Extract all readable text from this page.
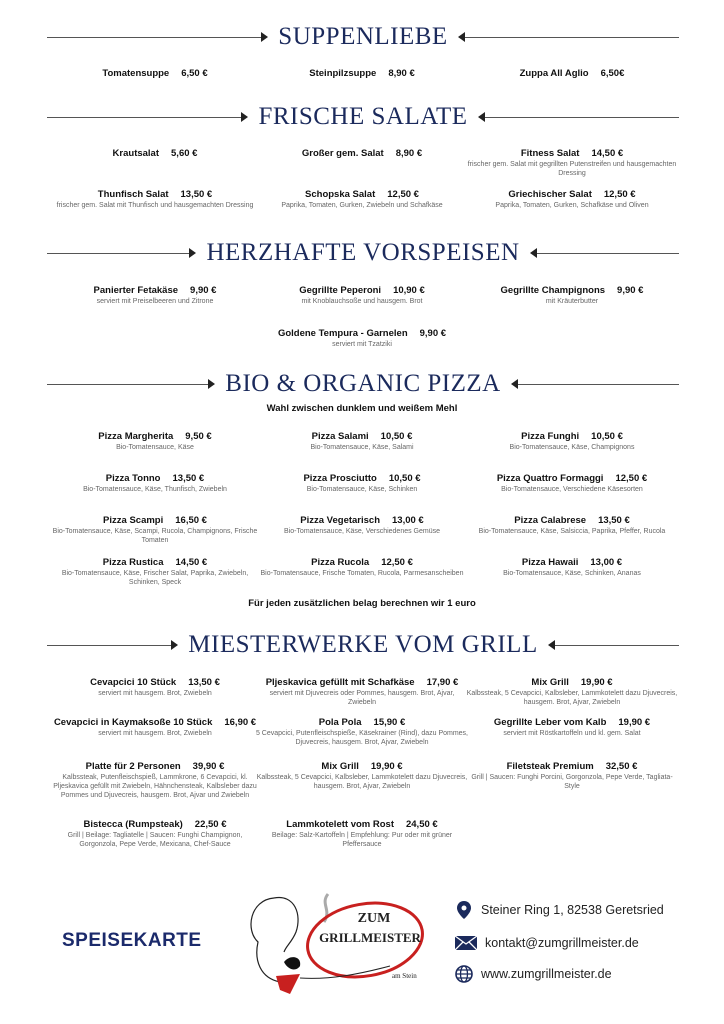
SUPPENLIEBE
Tomatensuppe 6,50 €	Steinpilzsuppe 8,90 €	Zuppa All Aglio 6,50€
FRISCHE SALATE
Krautsalat 5,60 €	Großer gem. Salat 8,90 €	Fitness Salat 14,50 €
frischer gem. Salat mit gegrillten Putenstreifen und hausgemachten Dressing
Thunfisch Salat 13,50 €
frischer gem. Salat mit Thunfisch und hausgemachten Dressing
Schopska Salat 12,50 €
Paprika, Tomaten, Gurken, Zwiebeln und Schafkäse
Griechischer Salat 12,50 €
Paprika, Tomaten, Gurken, Schafkäse und Oliven
HERZHAFTE VORSPEISEN
Panierter Fetakäse 9,90 €
serviert mit Preiselbeeren und Zitrone
Gegrillte Peperoni 10,90 €
mit Knoblauchsoße und hausgem. Brot
Gegrillte Champignons 9,90 €
mit Kräuterbutter
Goldene Tempura - Garnelen 9,90 €
serviert mit Tzatziki
BIO & ORGANIC PIZZA
Wahl zwischen dunklem und weißem Mehl
Für jeden zusätzlichen belag berechnen wir 1 euro
Pizza Margherita 9,50 €
Bio-Tomatensauce, Käse
Pizza Salami 10,50 €
Bio-Tomatensauce, Käse, Salami
Pizza Funghi 10,50 €
Bio-Tomatensauce, Käse, Champignons
Pizza Tonno 13,50 €
Bio-Tomatensauce, Käse, Thunfisch, Zwiebeln
Pizza Prosciutto 10,50 €
Bio-Tomatensauce, Käse, Schinken
Pizza Quattro Formaggi 12,50 €
Bio-Tomatensauce, Verschiedene Käsesorten
Pizza Scampi 16,50 €
Bio-Tomatensauce, Käse, Scampi, Rucola, Champignons, Frische Tomaten
Pizza Vegetarisch 13,00 €
Bio-Tomatensauce, Käse, Verschiedenes Gemüse
Pizza Calabrese 13,50 €
Bio-Tomatensauce, Käse, Salsiccia, Paprika, Pfeffer, Rucola
Pizza Rustica 14,50 €
Bio-Tomatensauce, Käse, Frischer Salat, Paprika, Zwiebeln, Schinken, Speck
Pizza Rucola 12,50 €
Bio-Tomatensauce, Frische Tomaten, Rucola, Parmesanscheiben
Pizza Hawaii 13,00 €
Bio-Tomatensauce, Käse, Schinken, Ananas
MIESTERWERKE VOM GRILL
Cevapcici 10 Stück 13,50 €
serviert mit hausgem. Brot, Zwiebeln
Pljeskavica gefüllt mit Schafkäse 17,90 €
serviert mit Djuvecreis oder Pommes, hausgem. Brot, Ajvar, Zwiebeln
Mix Grill 19,90 €
Kalbssteak, 5 Cevapcici, Kalbsleber, Lammkotelett dazu Djuvecreis, hausgem. Brot, Ajvar, Zwiebeln
Cevapcici in Kaymaksoße 10 Stück 16,90 €
serviert mit hausgem. Brot, Zwiebeln
Pola Pola 15,90 €
5 Cevapcici, Putenfleischspieße, Käsekrainer (Rind), dazu Pommes, Djuvecreis, hausgem. Brot, Ajvar, Zwiebeln
Gegrillte Leber vom Kalb 19,90 €
serviert mit Röstkartoffeln und kl. gem. Salat
Platte für 2 Personen 39,90 €
Kalbssteak, Putenfleischspieß, Lammkrone, 6 Cevapcici, kl. Pljeskavica gefüllt mit Zwiebeln, Hähnchensteak, Kalbsleber dazu Pommes und Djuvecreis, hausgem. Brot, Ajvar und Zwiebeln
Mix Grill 19,90 €
Kalbssteak, 5 Cevapcici, Kalbsleber, Lammkotelett dazu Djuvecreis, hausgem. Brot, Ajvar, Zwiebeln
Filetsteak Premium 32,50 €
Grill | Saucen: Funghi Porcini, Gorgonzola, Pepe Verde, Tagliata-Style
Bistecca (Rumpsteak) 22,50 €
Grill | Beilage: Tagliatelle | Saucen: Funghi Champignon, Gorgonzola, Pepe Verde, Mexicana, Chef-Sauce
Lammkotelett vom Rost 24,50 €
Beilage: Salz-Kartoffeln | Empfehlung: Pur oder mit grüner Pfeffersauce
SPEISEKARTE
ZUM
GRILLMEISTER
am Stein
Steiner Ring 1, 82538 Geretsried
kontakt@zumgrillmeister.de
www.zumgrillmeister.de
